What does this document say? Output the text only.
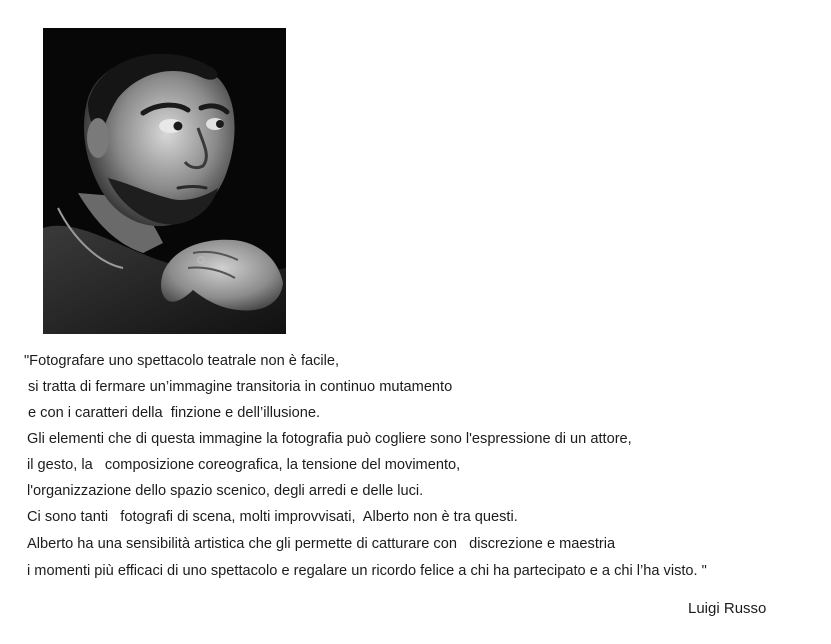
"Fotografare uno spettacolo teatrale non è facile,
si tratta di fermare un’immagine transitoria in continuo mutamento
e con i caratteri della  finzione e dell’illusione.
Gli elementi che di questa immagine la fotografia può cogliere sono l'espressione di un attore,
il gesto, la   composizione coreografica, la tensione del movimento,
l'organizzazione dello spazio scenico, degli arredi e delle luci.
Ci sono tanti   fotografi di scena, molti improvvisati,  Alberto non è tra questi.
Alberto ha una sensibilità artistica che gli permette di catturare con   discrezione e maestria
i momenti più efficaci di uno spettacolo e regalare un ricordo felice a chi ha partecipato e a chi l’ha visto. "
Luigi Russo
